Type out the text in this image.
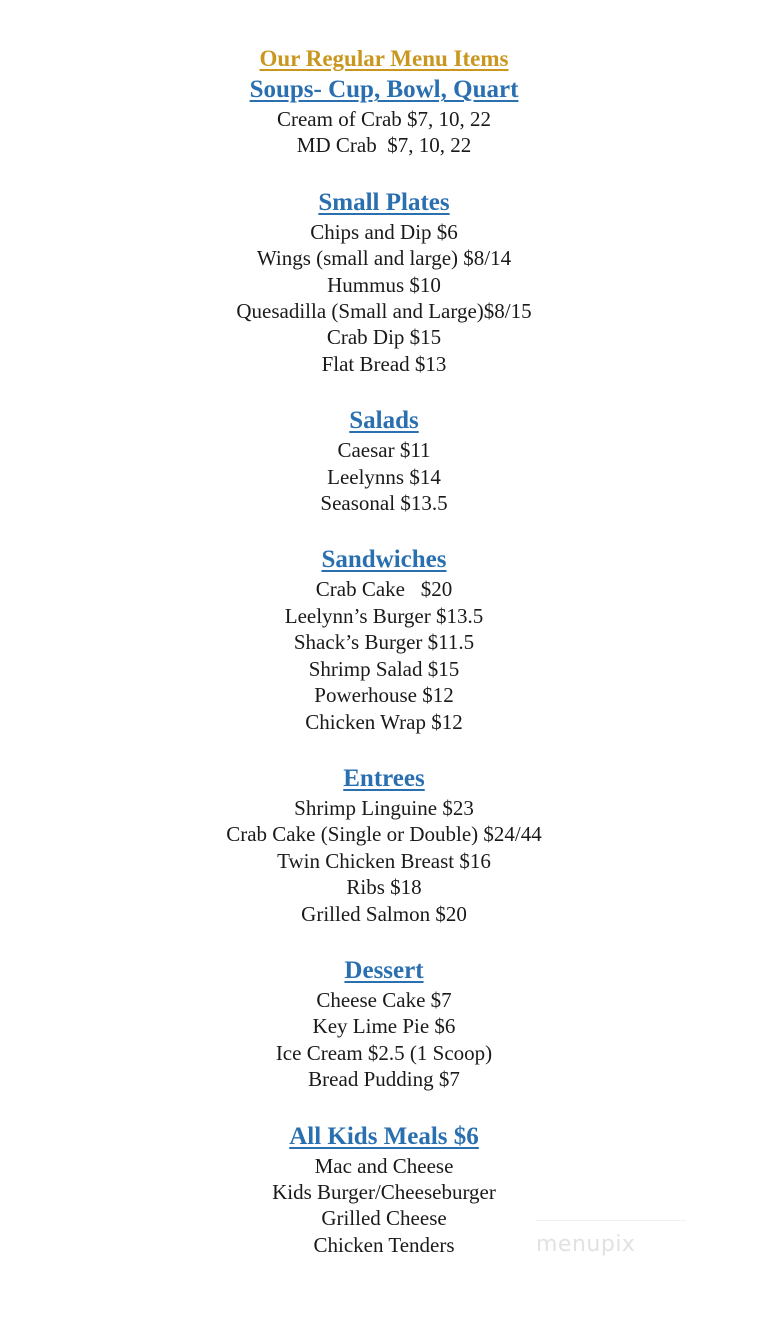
Our Regular Menu Items
Soups- Cup, Bowl, Quart
Cream of Crab $7, 10, 22
MD Crab  $7, 10, 22
Small Plates
Chips and Dip $6
Wings (small and large) $8/14
Hummus $10
Quesadilla (Small and Large)$8/15
Crab Dip $15
Flat Bread $13
Salads
Caesar $11
Leelynns $14
Seasonal $13.5
Sandwiches
Crab Cake   $20
Leelynn’s Burger $13.5
Shack’s Burger $11.5
Shrimp Salad $15
Powerhouse $12
Chicken Wrap $12
Entrees
Shrimp Linguine $23
Crab Cake (Single or Double) $24/44
Twin Chicken Breast $16
Ribs $18
Grilled Salmon $20
Dessert
Cheese Cake $7
Key Lime Pie $6
Ice Cream $2.5 (1 Scoop)
Bread Pudding $7
All Kids Meals $6
Mac and Cheese
Kids Burger/Cheeseburger
Grilled Cheese
Chicken Tenders	menupix
